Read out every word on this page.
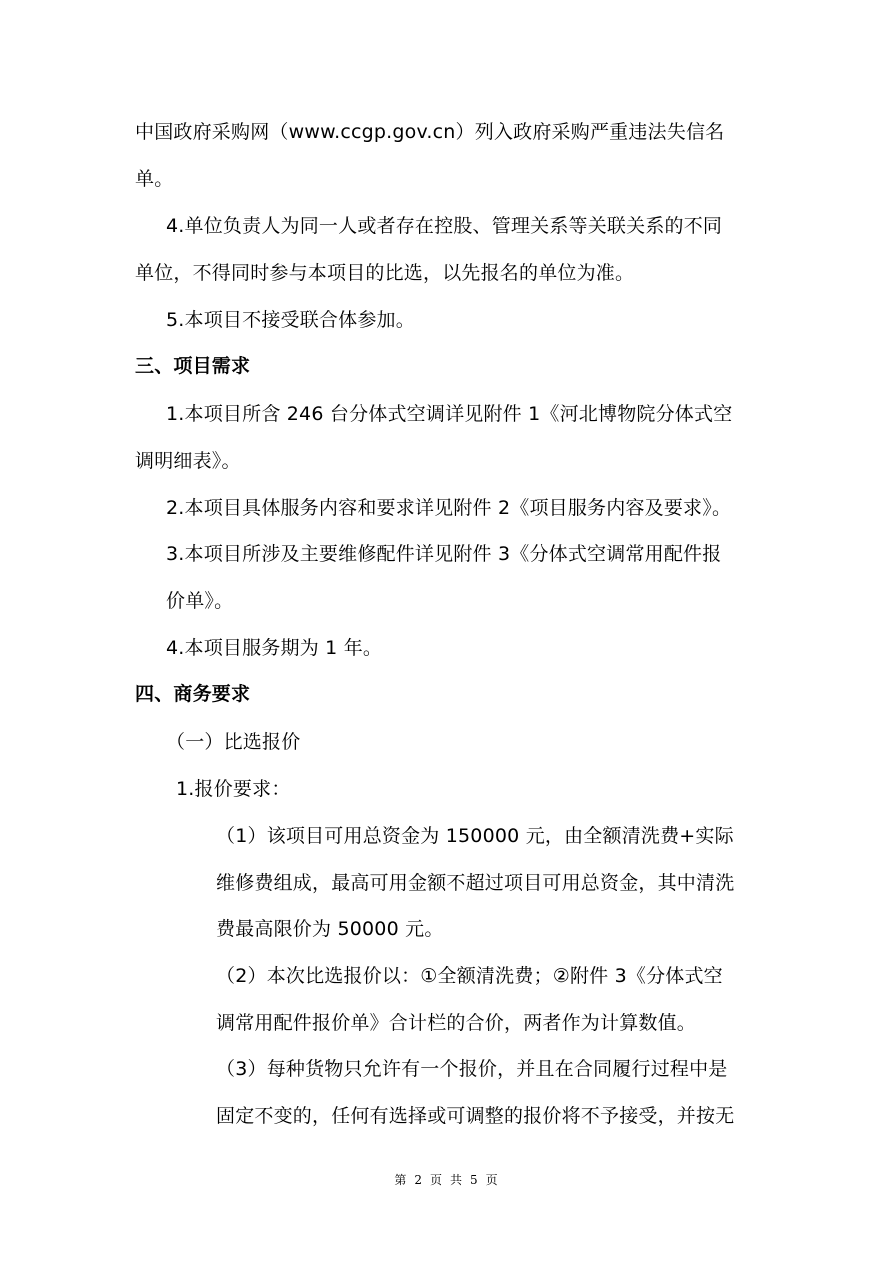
中国政府采购网（www.ccgp.gov.cn）列入政府采购严重违法失信名
单。
4.单位负责人为同一人或者存在控股、管理关系等关联关系的不同
单位，不得同时参与本项目的比选，以先报名的单位为准。
5.本项目不接受联合体参加。
三、项目需求
1.本项目所含 246 台分体式空调详见附件 1《河北博物院分体式空
调明细表》。
2.本项目具体服务内容和要求详见附件 2《项目服务内容及要求》。
3.本项目所涉及主要维修配件详见附件 3《分体式空调常用配件报
价单》。
4.本项目服务期为 1 年。
四、商务要求
（一）比选报价
1.报价要求：
（1）该项目可用总资金为 150000 元，由全额清洗费+实际
维修费组成，最高可用金额不超过项目可用总资金，其中清洗
费最高限价为 50000 元。
（2）本次比选报价以：①全额清洗费；②附件 3《分体式空
调常用配件报价单》合计栏的合价，两者作为计算数值。
（3）每种货物只允许有一个报价，并且在合同履行过程中是
固定不变的，任何有选择或可调整的报价将不予接受，并按无
第 2 页 共 5 页
